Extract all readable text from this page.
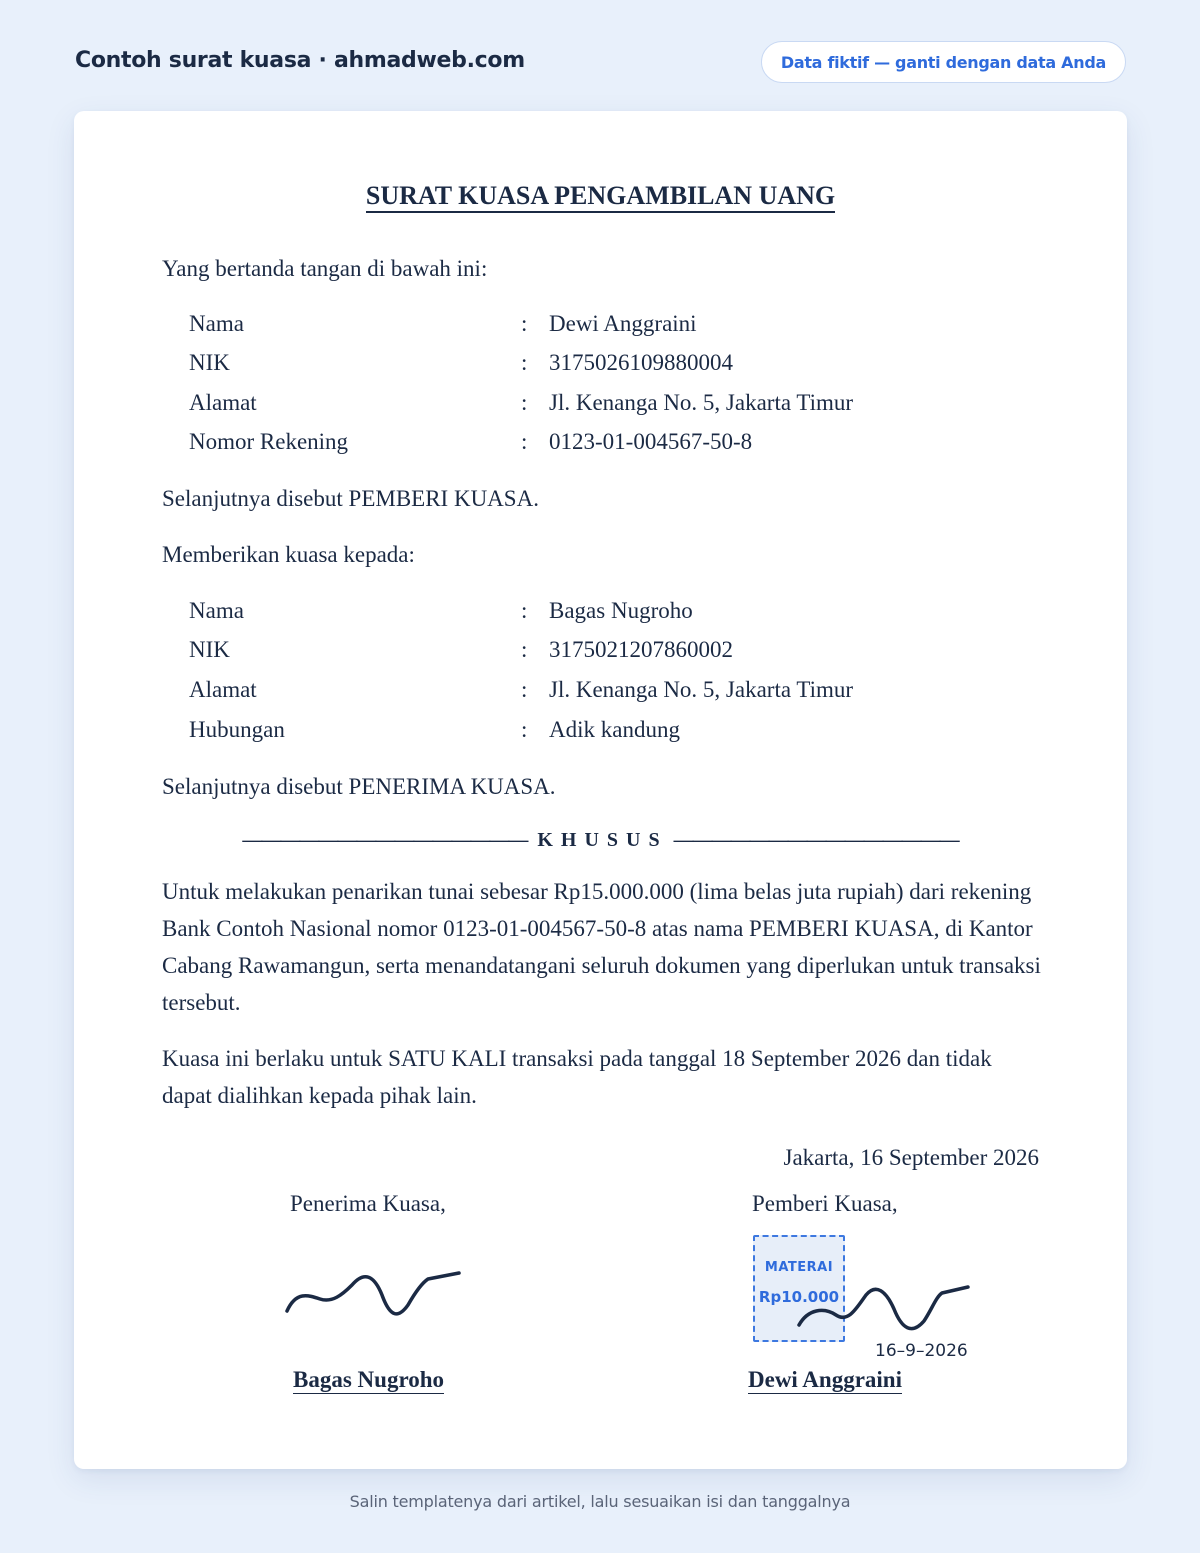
Contoh surat kuasa · ahmadweb.com	Data fiktif — ganti dengan data Anda
SURAT KUASA PENGAMBILAN UANG
Yang bertanda tangan di bawah ini:
Nama	: Dewi Anggraini
NIK	: 3175026109880004
Alamat	: Jl. Kenanga No. 5, Jakarta Timur
Nomor Rekening	: 0123-01-004567-50-8
Selanjutnya disebut PEMBERI KUASA.
Memberikan kuasa kepada:
Nama	: Bagas Nugroho
NIK	: 3175021207860002
Alamat	: Jl. Kenanga No. 5, Jakarta Timur
Hubungan	: Adik kandung
Selanjutnya disebut PENERIMA KUASA.
——————————————— KHUSUS ———————————————
Untuk melakukan penarikan tunai sebesar Rp15.000.000 (lima belas juta rupiah) dari rekening Bank Contoh Nasional nomor 0123-01-004567-50-8 atas nama PEMBERI KUASA, di Kantor Cabang Rawamangun, serta menandatangani seluruh dokumen yang diperlukan untuk transaksi tersebut.
Kuasa ini berlaku untuk SATU KALI transaksi pada tanggal 18 September 2026 dan tidak dapat dialihkan kepada pihak lain.
Jakarta, 16 September 2026
Penerima Kuasa,	Pemberi Kuasa,
MATERAI
Rp10.000
16–9–2026
Bagas Nugroho	Dewi Anggraini
Salin templatenya dari artikel, lalu sesuaikan isi dan tanggalnya
